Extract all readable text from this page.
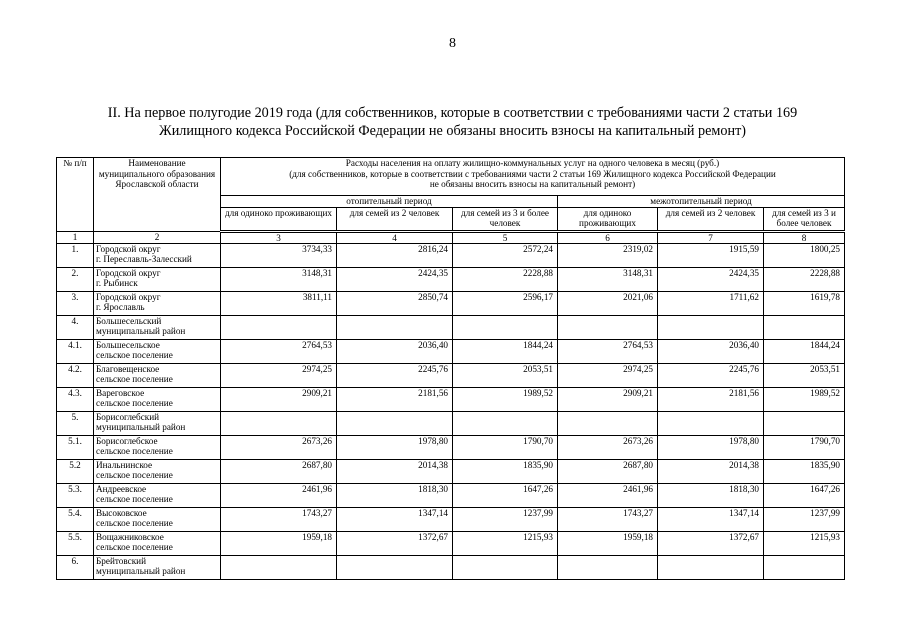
8
II. На первое полугодие 2019 года (для собственников, которые в соответствии с требованиями части 2 статьи 169
Жилищного кодекса Российской Федерации не обязаны вносить взносы на капитальный ремонт)
№ п/п	Наименование муниципального образования Ярославской области	Расходы населения на оплату жилищно-коммунальных услуг на одного человека в месяц (руб.)
(для собственников, которые в соответствии с требованиями части 2 статьи 169 Жилищного кодекса Российской Федерации
не обязаны вносить взносы на капитальный ремонт)					

		отопительный период			межотопительный период		
		для одиноко проживающих	для семей из 2 человек	для семей из 3 и более человек	для одиноко проживающих	для семей из 2 человек	для семей из 3 и более человек
1	2	3	4	5	6	7	8
1.	Городской округ
г. Переславль-Залесский	3734,33	2816,24	2572,24	2319,02	1915,59	1800,25
2.	Городской округ
г. Рыбинск	3148,31	2424,35	2228,88	3148,31	2424,35	2228,88
3.	Городской округ
г. Ярославль	3811,11	2850,74	2596,17	2021,06	1711,62	1619,78
4.	Большесельский
муниципальный район						

4.1.	Большесельское
сельское поселение	2764,53	2036,40	1844,24	2764,53	2036,40	1844,24
4.2.	Благовещенское
сельское поселение	2974,25	2245,76	2053,51	2974,25	2245,76	2053,51
4.3.	Вареговское
сельское поселение	2909,21	2181,56	1989,52	2909,21	2181,56	1989,52
5.	Борисоглебский
муниципальный район						

5.1.	Борисоглебское
сельское поселение	2673,26	1978,80	1790,70	2673,26	1978,80	1790,70
5.2	Инальнинское
сельское поселение	2687,80	2014,38	1835,90	2687,80	2014,38	1835,90
5.3.	Андреевское
сельское поселение	2461,96	1818,30	1647,26	2461,96	1818,30	1647,26
5.4.	Высоковское
сельское поселение	1743,27	1347,14	1237,99	1743,27	1347,14	1237,99
5.5.	Вощажниковское
сельское поселение	1959,18	1372,67	1215,93	1959,18	1372,67	1215,93
6.	Брейтовский
муниципальный район						
